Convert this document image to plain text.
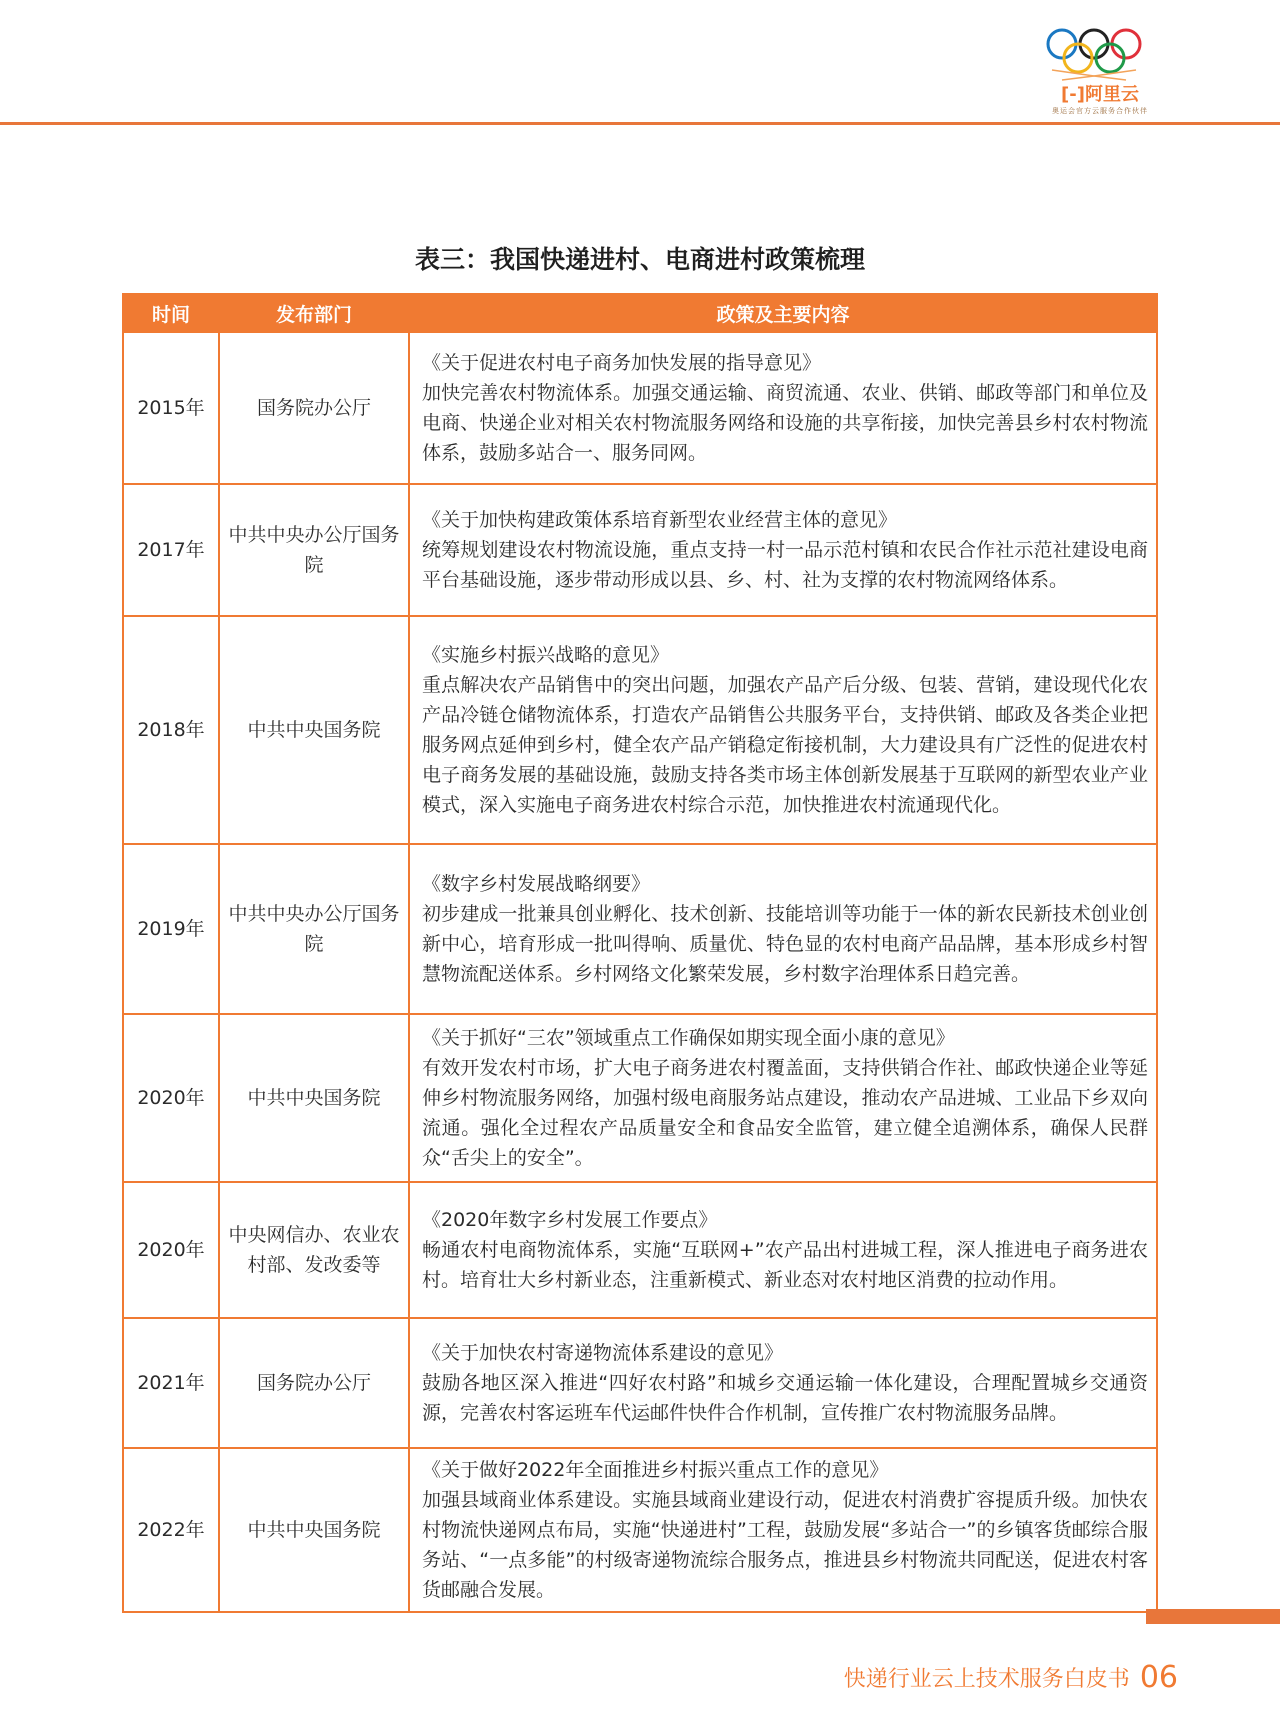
[-]阿里云
奥运会官方云服务合作伙伴
表三：我国快递进村、电商进村政策梳理
时间	发布部门	政策及主要内容
2015年	国务院办公厅	《关于促进农村电子商务加快发展的指导意见》
加快完善农村物流体系。加强交通运输、商贸流通、农业、供销、邮政等部门和单位及电商、快递企业对相关农村物流服务网络和设施的共享衔接，加快完善县乡村农村物流体系，鼓励多站合一、服务同网。

2017年	中共中央办公厅国务院	《关于加快构建政策体系培育新型农业经营主体的意见》
统筹规划建设农村物流设施，重点支持一村一品示范村镇和农民合作社示范社建设电商平台基础设施，逐步带动形成以县、乡、村、社为支撑的农村物流网络体系。

2018年	中共中央国务院	《实施乡村振兴战略的意见》
重点解决农产品销售中的突出问题，加强农产品产后分级、包装、营销，建设现代化农产品冷链仓储物流体系，打造农产品销售公共服务平台，支持供销、邮政及各类企业把服务网点延伸到乡村，健全农产品产销稳定衔接机制，大力建设具有广泛性的促进农村电子商务发展的基础设施，鼓励支持各类市场主体创新发展基于互联网的新型农业产业模式，深入实施电子商务进农村综合示范，加快推进农村流通现代化。

2019年	中共中央办公厅国务院	《数字乡村发展战略纲要》
初步建成一批兼具创业孵化、技术创新、技能培训等功能于一体的新农民新技术创业创新中心，培育形成一批叫得响、质量优、特色显的农村电商产品品牌，基本形成乡村智慧物流配送体系。乡村网络文化繁荣发展，乡村数字治理体系日趋完善。

2020年	中共中央国务院	《关于抓好“三农”领域重点工作确保如期实现全面小康的意见》
有效开发农村市场，扩大电子商务进农村覆盖面，支持供销合作社、邮政快递企业等延伸乡村物流服务网络，加强村级电商服务站点建设，推动农产品进城、工业品下乡双向流通。强化全过程农产品质量安全和食品安全监管，建立健全追溯体系，确保人民群众“舌尖上的安全”。

2020年	中央网信办、农业农村部、发改委等	《2020年数字乡村发展工作要点》
畅通农村电商物流体系，实施“互联网+”农产品出村进城工程，深人推进电子商务进农村。培育壮大乡村新业态，注重新模式、新业态对农村地区消费的拉动作用。

2021年	国务院办公厅	《关于加快农村寄递物流体系建设的意见》
鼓励各地区深入推进“四好农村路”和城乡交通运输一体化建设，合理配置城乡交通资源，完善农村客运班车代运邮件快件合作机制，宣传推广农村物流服务品牌。

2022年	中共中央国务院	《关于做好2022年全面推进乡村振兴重点工作的意见》
加强县域商业体系建设。实施县域商业建设行动，促进农村消费扩容提质升级。加快农村物流快递网点布局，实施“快递进村”工程，鼓励发展“多站合一”的乡镇客货邮综合服务站、“一点多能”的村级寄递物流综合服务点，推进县乡村物流共同配送，促进农村客货邮融合发展。
快递行业云上技术服务白皮书 06
